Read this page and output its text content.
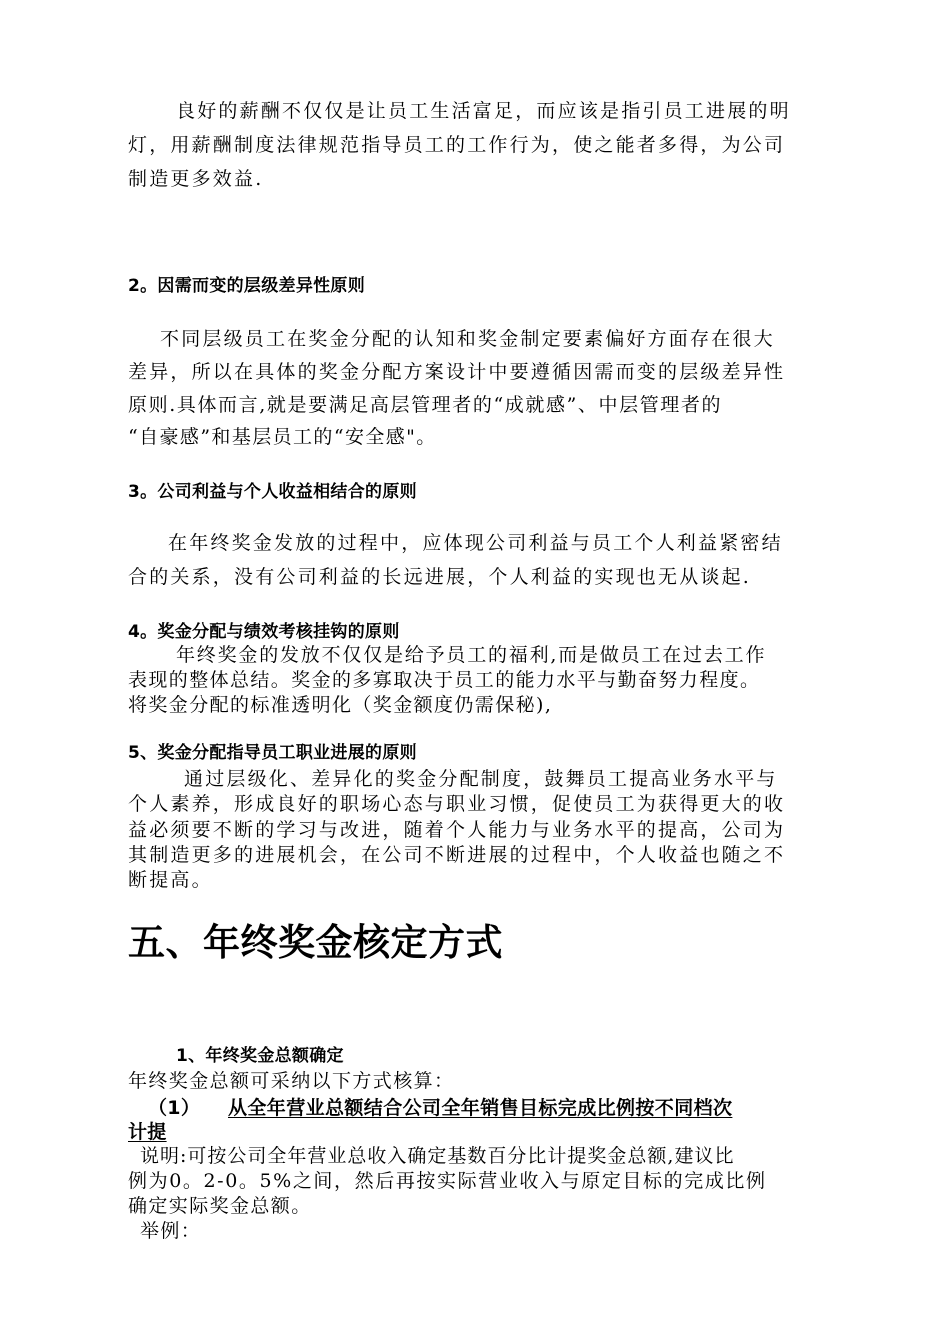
良好的薪酬不仅仅是让员工生活富足，而应该是指引员工进展的明
灯，用薪酬制度法律规范指导员工的工作行为，使之能者多得，为公司
制造更多效益.
2。因需而变的层级差异性原则
不同层级员工在奖金分配的认知和奖金制定要素偏好方面存在很大
差异，所以在具体的奖金分配方案设计中要遵循因需而变的层级差异性
原则.具体而言,就是要满足高层管理者的“成就感”、中层管理者的
“自豪感”和基层员工的“安全感"。
3。公司利益与个人收益相结合的原则
在年终奖金发放的过程中，应体现公司利益与员工个人利益紧密结
合的关系，没有公司利益的长远进展，个人利益的实现也无从谈起.
4。奖金分配与绩效考核挂钩的原则
年终奖金的发放不仅仅是给予员工的福利,而是做员工在过去工作
表现的整体总结。奖金的多寡取决于员工的能力水平与勤奋努力程度。
将奖金分配的标准透明化（奖金额度仍需保秘),
5、奖金分配指导员工职业进展的原则
通过层级化、差异化的奖金分配制度，鼓舞员工提高业务水平与
个人素养，形成良好的职场心态与职业习惯，促使员工为获得更大的收
益必须要不断的学习与改进，随着个人能力与业务水平的提高，公司为
其制造更多的进展机会，在公司不断进展的过程中，个人收益也随之不
断提高。
五、年终奖金核定方式
1、年终奖金总额确定
年终奖金总额可采纳以下方式核算：
（1） 从全年营业总额结合公司全年销售目标完成比例按不同档次
计提
说明:可按公司全年营业总收入确定基数百分比计提奖金总额,建议比
例为0。2-0。5%之间，然后再按实际营业收入与原定目标的完成比例
确定实际奖金总额。
举例：
